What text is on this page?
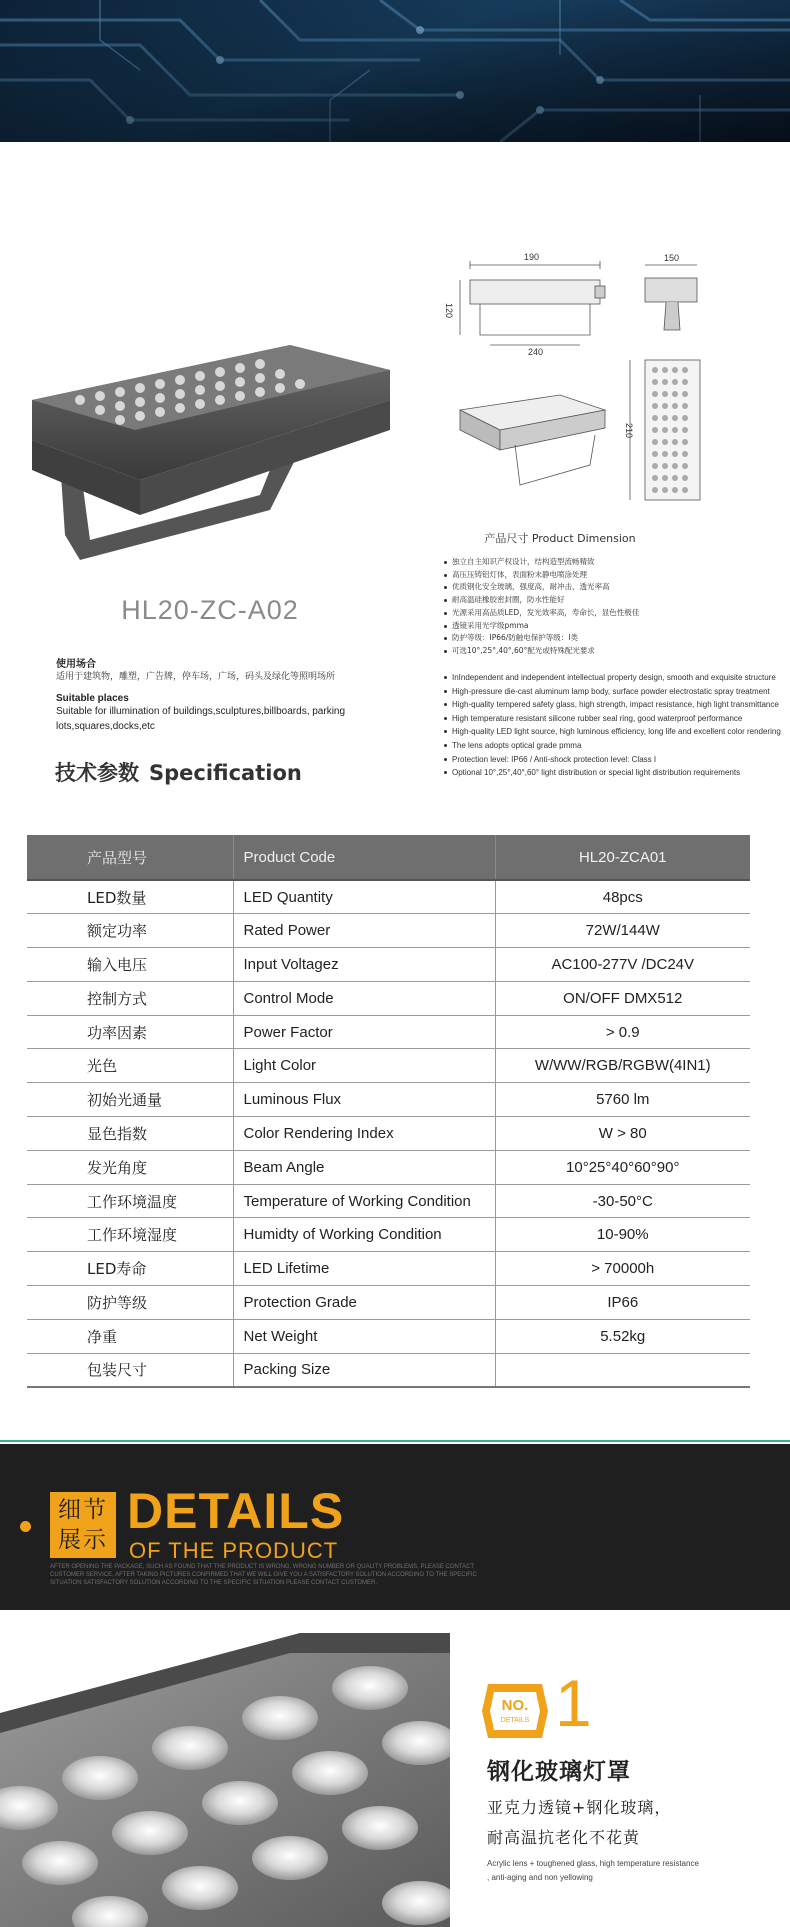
HL20-ZC-A02
使用场合
适用于建筑物，雕塑，广告牌，停车场，广场，码头及绿化等照明场所
Suitable places
Suitable for illumination of buildings,sculptures,billboards, parking lots,squares,docks,etc
技术参数 Specification
190	150
120
240
210
产品尺寸 Product Dimension
独立自主知识产权设计，结构造型流畅精致
高压压铸铝灯体，表面粉末静电喷涂处理
优质钢化安全玻璃，强度高，耐冲击，透光率高
耐高温硅橡胶密封圈，防水性能好
光源采用高品质LED，发光效率高，寿命长，显色性极佳
透镜采用光学级pmma
防护等级：IP66/防触电保护等级：I类
可选10°,25°,40°,60°配光或特殊配光要求
InIndependent and independent intellectual property design, smooth and exquisite structure
High-pressure die-cast aluminum lamp body, surface powder electrostatic spray treatment
High-quality tempered safety glass, high strength, impact resistance, high light transmittance
High temperature resistant silicone rubber seal ring, good waterproof performance
High-quality LED light source, high luminous efficiency, long life and excellent color rendering
The lens adopts optical grade pmma
Protection level: IP66 / Anti-shock protection level: Class I
Optional 10°,25°,40°,60° light distribution or special light distribution requirements
产品型号	Product Code	HL20-ZCA01
LED数量	LED Quantity	48pcs
额定功率	Rated Power	72W/144W
输入电压	Input Voltagez	AC100-277V /DC24V
控制方式	Control Mode	ON/OFF DMX512
功率因素	Power Factor	> 0.9
光色	Light Color	W/WW/RGB/RGBW(4IN1)
初始光通量	Luminous Flux	5760 lm
显色指数	Color Rendering Index	W > 80
发光角度	Beam Angle	10°25°40°60°90°
工作环境温度	Temperature of Working Condition	-30-50°C
工作环境湿度	Humidty of Working Condition	10-90%
LED寿命	LED Lifetime	> 70000h
防护等级	Protection Grade	IP66
净重	Net Weight	5.52kg
包装尺寸	Packing Size	
细节
展示
DETAILS
OF THE PRODUCT
AFTER OPENING THE PACKAGE, SUCH AS FOUND THAT THE PRODUCT IS WRONG, WRONG NUMBER OR QUALITY PROBLEMS, PLEASE CONTACT CUSTOMER SERVICE, AFTER TAKING PICTURES CONFIRMED THAT WE WILL GIVE YOU A SATISFACTORY SOLUTION ACCORDING TO THE SPECIFIC SITUATION SATISFACTORY SOLUTION ACCORDING TO THE SPECIFIC SITUATION PLEASE CONTACT CUSTOMER.
NO.
DETAILS 1
钢化玻璃灯罩
亚克力透镜+钢化玻璃，
耐高温抗老化不花黄
Acrylic lens + toughened glass, high temperature resistance
, anti-aging and non yellowing
